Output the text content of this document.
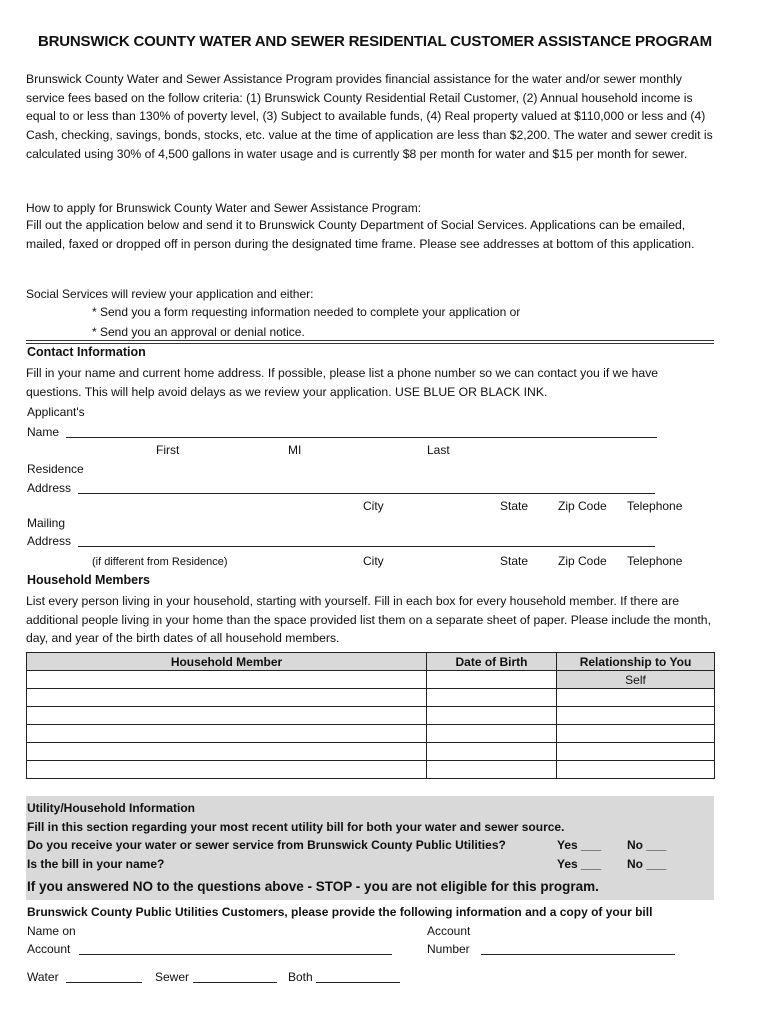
BRUNSWICK COUNTY WATER AND SEWER RESIDENTIAL CUSTOMER ASSISTANCE PROGRAM
Brunswick County Water and Sewer Assistance Program provides financial assistance for the water and/or sewer monthly service fees based on the follow criteria: (1) Brunswick County Residential Retail Customer, (2) Annual household income is equal to or less than 130% of poverty level, (3) Subject to available funds, (4) Real property valued at $110,000 or less and (4) Cash, checking, savings, bonds, stocks, etc. value at the time of application are less than $2,200. The water and sewer credit is calculated using 30% of 4,500 gallons in water usage and is currently $8 per month for water and $15 per month for sewer.
How to apply for Brunswick County Water and Sewer Assistance Program:
Fill out the application below and send it to Brunswick County Department of Social Services. Applications can be emailed, mailed, faxed or dropped off in person during the designated time frame. Please see addresses at bottom of this application.
Social Services will review your application and either:
* Send you a form requesting information needed to complete your application or
* Send you an approval or denial notice.
Contact Information
Fill in your name and current home address. If possible, please list a phone number so we can contact you if we have questions. This will help avoid delays as we review your application. USE BLUE OR BLACK INK.
Applicant's
Name
First	MI	Last
Residence
Address
City	State Zip Code Telephone
Mailing
Address
(if different from Residence)	City	State Zip Code Telephone
Household Members
List every person living in your household, starting with yourself. Fill in each box for every household member. If there are additional people living in your home than the space provided list them on a separate sheet of paper. Please include the month, day, and year of the birth dates of all household members.
Household Member	Date of Birth	Relationship to You
		Self

Utility/Household Information
Fill in this section regarding your most recent utility bill for both your water and sewer source.
Do you receive your water or sewer service from Brunswick County Public Utilities?
Is the bill in your name?
Yes ___ No ___
Yes ___ No ___
If you answered NO to the questions above - STOP - you are not eligible for this program.
Brunswick County Public Utilities Customers, please provide the following information and a copy of your bill
Name on
Account
Account
Number
Water	Sewer	Both
